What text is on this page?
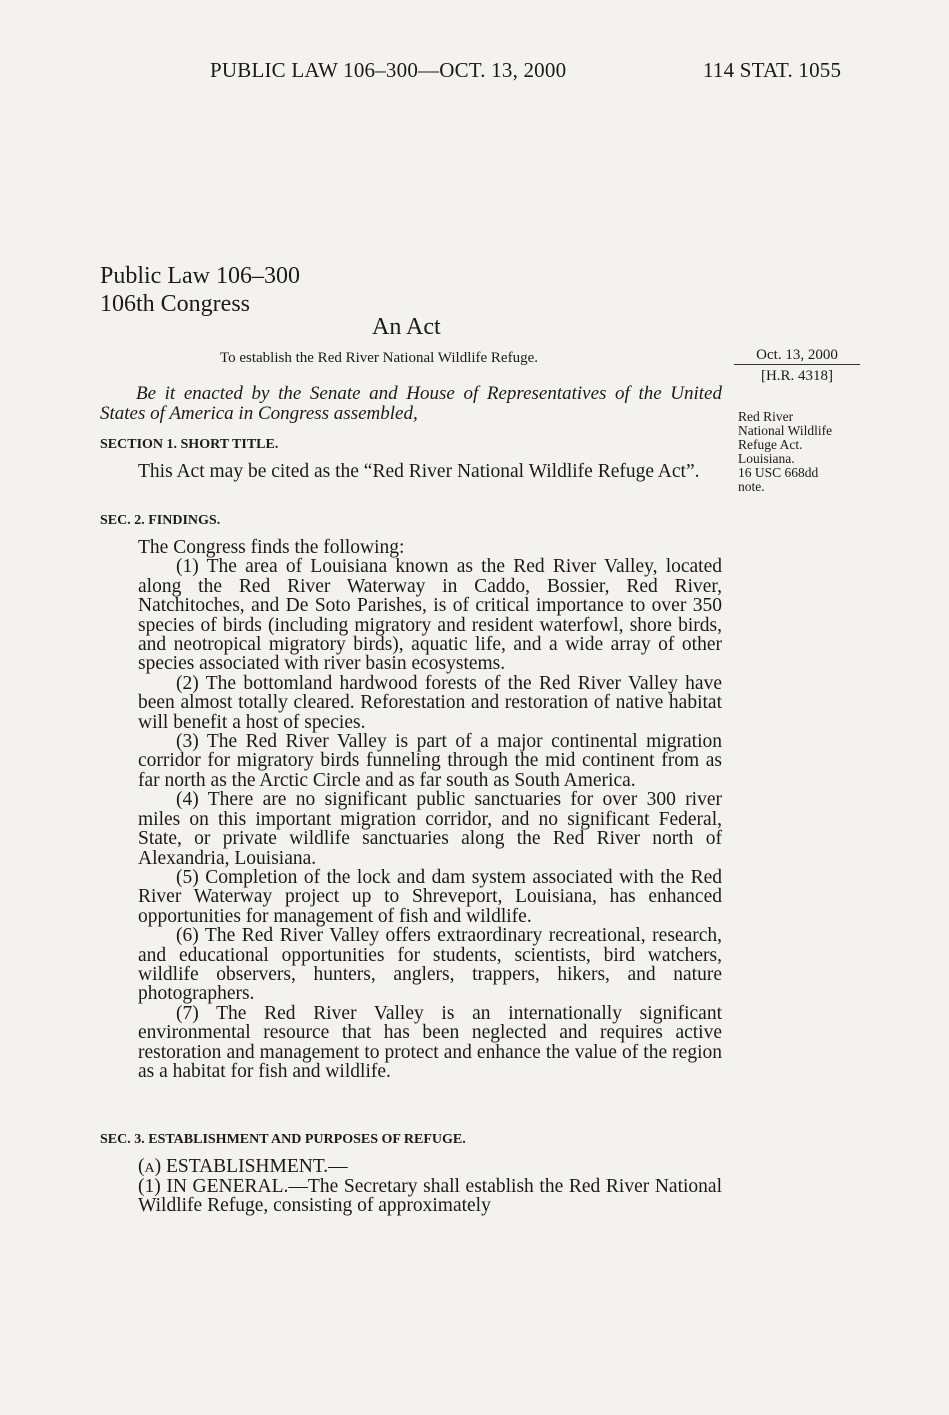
PUBLIC LAW 106–300—OCT. 13, 2000	114 STAT. 1055
Public Law 106–300
106th Congress
An Act
To establish the Red River National Wildlife Refuge.	Oct. 13, 2000
[H.R. 4318]
Red River
National Wildlife
Refuge Act.
Louisiana.
16 USC 668dd
note.
Be it enacted by the Senate and House of Representatives of the United States of America in Congress assembled,
SECTION 1. SHORT TITLE.
This Act may be cited as the “Red River National Wildlife Refuge Act”.
SEC. 2. FINDINGS.

The Congress finds the following:

(1) The area of Louisiana known as the Red River Valley, located along the Red River Waterway in Caddo, Bossier, Red River, Natchitoches, and De Soto Parishes, is of critical importance to over 350 species of birds (including migratory and resident waterfowl, shore birds, and neotropical migratory birds), aquatic life, and a wide array of other species associated with river basin ecosystems.

(2) The bottomland hardwood forests of the Red River Valley have been almost totally cleared. Reforestation and restoration of native habitat will benefit a host of species.

(3) The Red River Valley is part of a major continental migration corridor for migratory birds funneling through the mid continent from as far north as the Arctic Circle and as far south as South America.

(4) There are no significant public sanctuaries for over 300 river miles on this important migration corridor, and no significant Federal, State, or private wildlife sanctuaries along the Red River north of Alexandria, Louisiana.

(5) Completion of the lock and dam system associated with the Red River Waterway project up to Shreveport, Louisiana, has enhanced opportunities for management of fish and wildlife.

(6) The Red River Valley offers extraordinary recreational, research, and educational opportunities for students, scientists, bird watchers, wildlife observers, hunters, anglers, trappers, hikers, and nature photographers.

(7) The Red River Valley is an internationally significant environmental resource that has been neglected and requires active restoration and management to protect and enhance the value of the region as a habitat for fish and wildlife.

SEC. 3. ESTABLISHMENT AND PURPOSES OF REFUGE.

(a) ESTABLISHMENT.—

(1) IN GENERAL.—The Secretary shall establish the Red River National Wildlife Refuge, consisting of approximately
